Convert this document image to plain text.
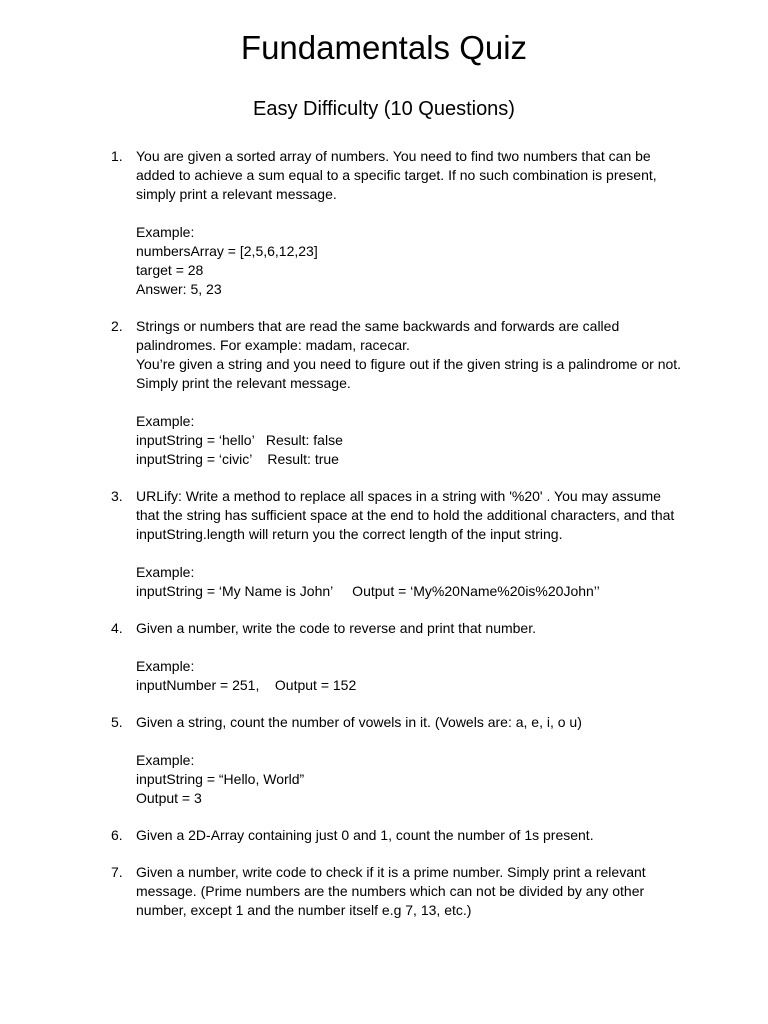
Fundamentals Quiz
Easy Difficulty (10 Questions)
1. You are given a sorted array of numbers. You need to find two numbers that can be
added to achieve a sum equal to a specific target. If no such combination is present,
simply print a relevant message.
Example:
numbersArray = [2,5,6,12,23]
target = 28
Answer: 5, 23
2. Strings or numbers that are read the same backwards and forwards are called
palindromes. For example: madam, racecar.
You’re given a string and you need to figure out if the given string is a palindrome or not.
Simply print the relevant message.
Example:
inputString = ‘hello’   Result: false
inputString = ‘civic’    Result: true
3. URLify: Write a method to replace all spaces in a string with '%20' . You may assume
that the string has sufficient space at the end to hold the additional characters, and that
inputString.length will return you the correct length of the input string.
Example:
inputString = ‘My Name is John’     Output = ‘My%20Name%20is%20John’’
4. Given a number, write the code to reverse and print that number.
Example:
inputNumber = 251,    Output = 152
5. Given a string, count the number of vowels in it. (Vowels are: a, e, i, o u)
Example:
inputString = “Hello, World”
Output = 3
6. Given a 2D-Array containing just 0 and 1, count the number of 1s present.
7. Given a number, write code to check if it is a prime number. Simply print a relevant
message. (Prime numbers are the numbers which can not be divided by any other
number, except 1 and the number itself e.g 7, 13, etc.)
